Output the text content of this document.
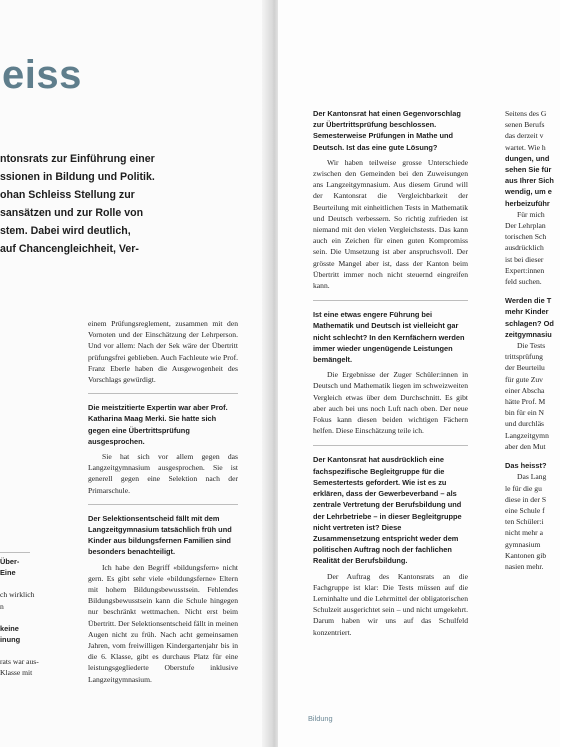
eiss
ntonsrats zur Einführung einer
ssionen in Bildung und Politik.
ohan Schleiss Stellung zur
sansätzen und zur Rolle von
stem. Dabei wird deutlich,
auf Chancengleichheit, Ver-
Über-
Eine
ch wirklich
n
keine
inung
rats war aus-
Klasse mit

einem Prüfungsreglement, zusammen mit den Vornoten und der Einschätzung der Lehrperson. Und vor allem: Nach der Sek wäre der Übertritt prüfungsfrei geblieben. Auch Fachleute wie Prof. Franz Eberle haben die Ausgewogenheit des Vorschlags gewürdigt.

Die meistzitierte Expertin war aber Prof. Katharina Maag Merki. Sie hatte sich gegen eine Übertrittsprüfung ausgesprochen.

Sie hat sich vor allem gegen das Langzeitgymnasium ausgesprochen. Sie ist generell gegen eine Selektion nach der Primarschule.

Der Selektionsentscheid fällt mit dem Langzeitgymnasium tatsächlich früh und Kinder aus bildungsfernen Familien sind besonders benachteiligt.

Ich habe den Begriff «bildungsfern» nicht gern. Es gibt sehr viele «bildungsferne» Eltern mit hohem Bildungsbewusstsein. Fehlendes Bildungsbewusstsein kann die Schule hingegen nur beschränkt wettmachen. Nicht erst beim Übertritt. Der Selektionsentscheid fällt in meinen Augen nicht zu früh. Nach acht gemeinsamen Jahren, vom freiwilligen Kindergartenjahr bis in die 6. Klasse, gibt es durchaus Platz für eine leistungsgegliederte Oberstufe inklusive Langzeitgymnasium.

Der Kantonsrat hat einen Gegenvorschlag zur Übertrittsprüfung beschlossen. Semesterweise Prüfungen in Mathe und Deutsch. Ist das eine gute Lösung?

Wir haben teilweise grosse Unterschiede zwischen den Gemeinden bei den Zuweisungen ans Langzeitgymnasium. Aus diesem Grund will der Kantonsrat die Vergleichbarkeit der Beurteilung mit einheitlichen Tests in Mathematik und Deutsch verbessern. So richtig zufrieden ist niemand mit den vielen Vergleichstests. Das kann auch ein Zeichen für einen guten Kompromiss sein. Die Umsetzung ist aber anspruchsvoll. Der grösste Mangel aber ist, dass der Kanton beim Übertritt immer noch nicht steuernd eingreifen kann.

Ist eine etwas engere Führung bei Mathematik und Deutsch ist vielleicht gar nicht schlecht? In den Kernfächern werden immer wieder ungenügende Leistungen bemängelt.

Die Ergebnisse der Zuger Schüler:innen in Deutsch und Mathematik liegen im schweizweiten Vergleich etwas über dem Durchschnitt. Es gibt aber auch bei uns noch Luft nach oben. Der neue Fokus kann diesen beiden wichtigen Fächern helfen. Diese Einschätzung teile ich.

Der Kantonsrat hat ausdrücklich eine fachspezifische Begleitgruppe für die Semestertests gefordert. Wie ist es zu erklären, dass der Gewerbeverband – als zentrale Vertretung der Berufsbildung und der Lehrbetriebe – in dieser Begleitgruppe nicht vertreten ist? Diese Zusammensetzung entspricht weder dem politischen Auftrag noch der fachlichen Realität der Berufsbildung.

Der Auftrag des Kantonsrats an die Fachgruppe ist klar: Die Tests müssen auf die Lerninhalte und die Lehrmittel der obligatorischen Schulzeit ausgerichtet sein – und nicht umgekehrt. Darum haben wir uns auf das Schulfeld konzentriert.

Seitens des G
senen Berufs
das derzeit v
wartet. Wie h
dungen, und
sehen Sie für
aus Ihrer Sich
wendig, um e
herbeizuführ
Für mich
Der Lehrplan
torischen Sch
ausdrücklich
ist bei dieser
Expert:innen
feld suchen.
Werden die T
mehr Kinder
schlagen? Od
zeitgymnasiu
Die Tests
trittsprüfung
der Beurteilu
für gute Zuv
einer Abscha
hätte Prof. M
bin für ein N
und durchläs
Langzeitgymn
aber den Mut
Das heisst?
Das Lang
le für die gu
diese in der S
eine Schule f
ten Schüler:i
nicht mehr a
gymnasium
Kantonen gib
nasien mehr.
Bildung
